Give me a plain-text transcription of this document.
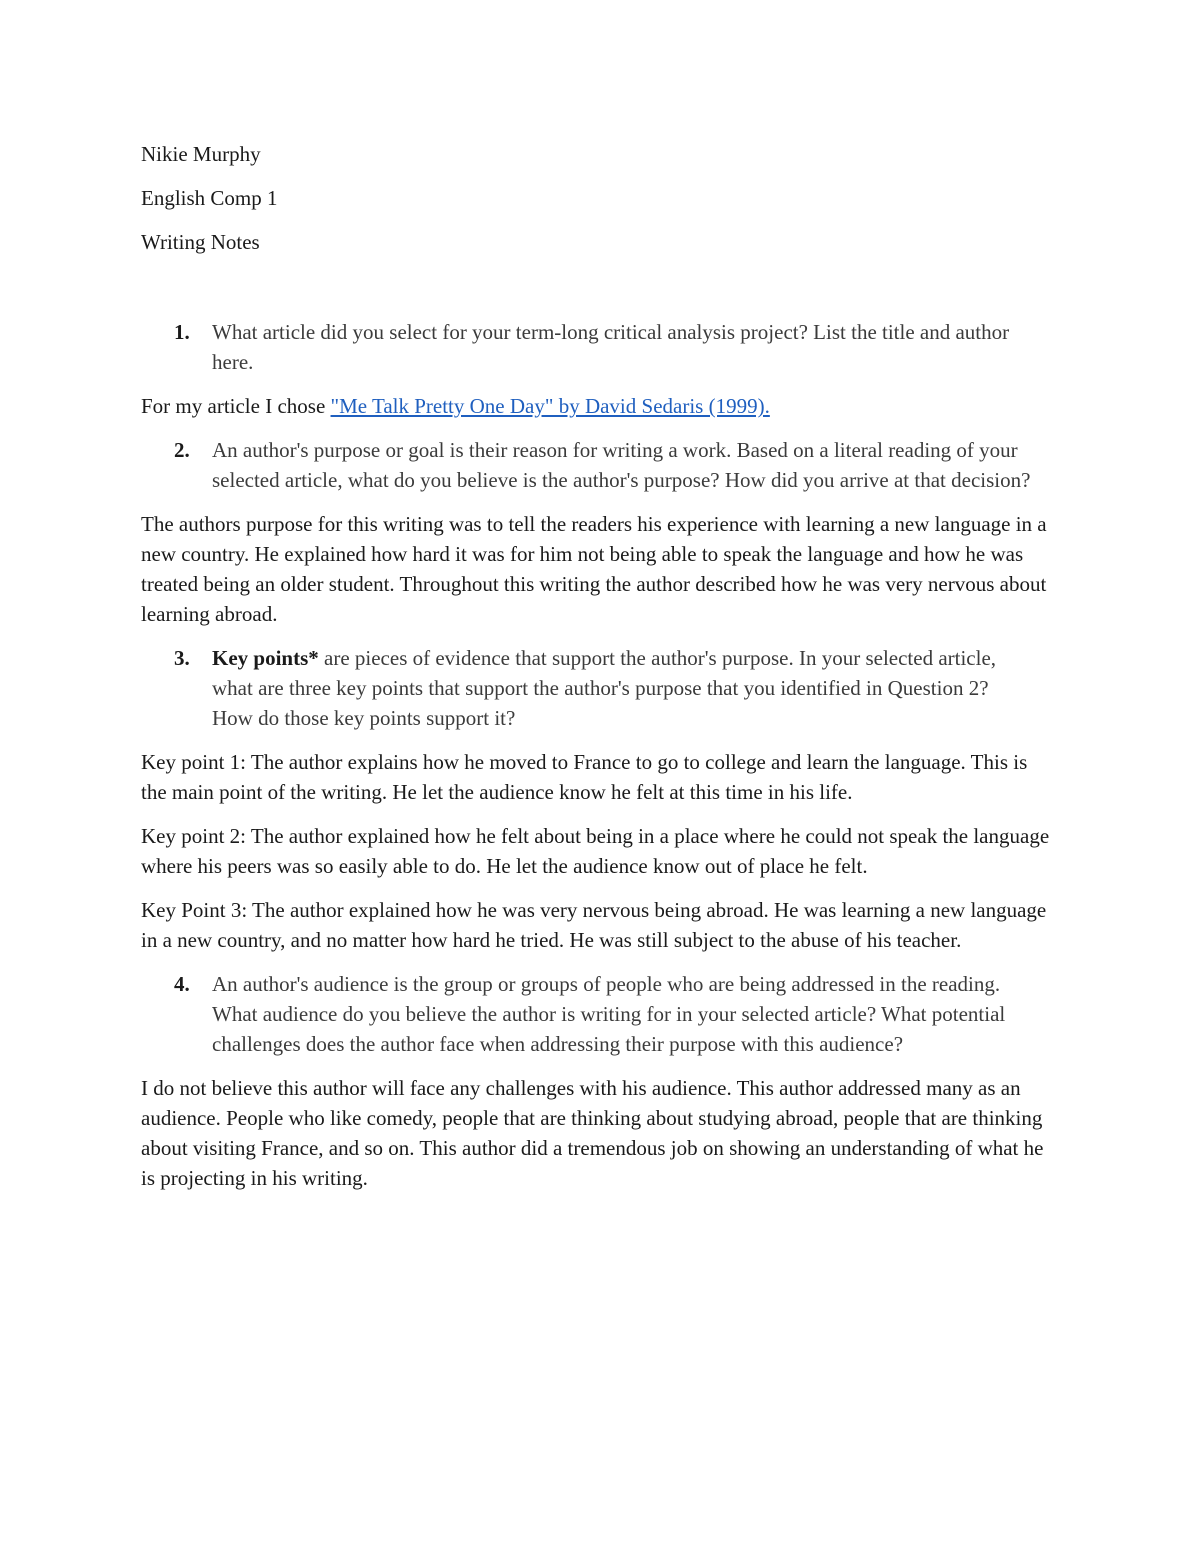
Nikie Murphy
English Comp 1
Writing Notes
1.	What article did you select for your term-long critical analysis project? List the title and author here.
For my article I chose "Me Talk Pretty One Day" by David Sedaris (1999).
2.	An author's purpose or goal is their reason for writing a work. Based on a literal reading of your selected article, what do you believe is the author's purpose? How did you arrive at that decision?
The authors purpose for this writing was to tell the readers his experience with learning a new language in a new country. He explained how hard it was for him not being able to speak the language and how he was treated being an older student. Throughout this writing the author described how he was very nervous about learning abroad.
3.	Key points* are pieces of evidence that support the author's purpose. In your selected article, what are three key points that support the author's purpose that you identified in Question 2? How do those key points support it?
Key point 1: The author explains how he moved to France to go to college and learn the language. This is the main point of the writing. He let the audience know he felt at this time in his life.
Key point 2: The author explained how he felt about being in a place where he could not speak the language where his peers was so easily able to do. He let the audience know out of place he felt.
Key Point 3: The author explained how he was very nervous being abroad. He was learning a new language in a new country, and no matter how hard he tried. He was still subject to the abuse of his teacher.
4.	An author's audience is the group or groups of people who are being addressed in the reading. What audience do you believe the author is writing for in your selected article? What potential challenges does the author face when addressing their purpose with this audience?
I do not believe this author will face any challenges with his audience. This author addressed many as an audience. People who like comedy, people that are thinking about studying abroad, people that are thinking about visiting France, and so on. This author did a tremendous job on showing an understanding of what he is projecting in his writing.
